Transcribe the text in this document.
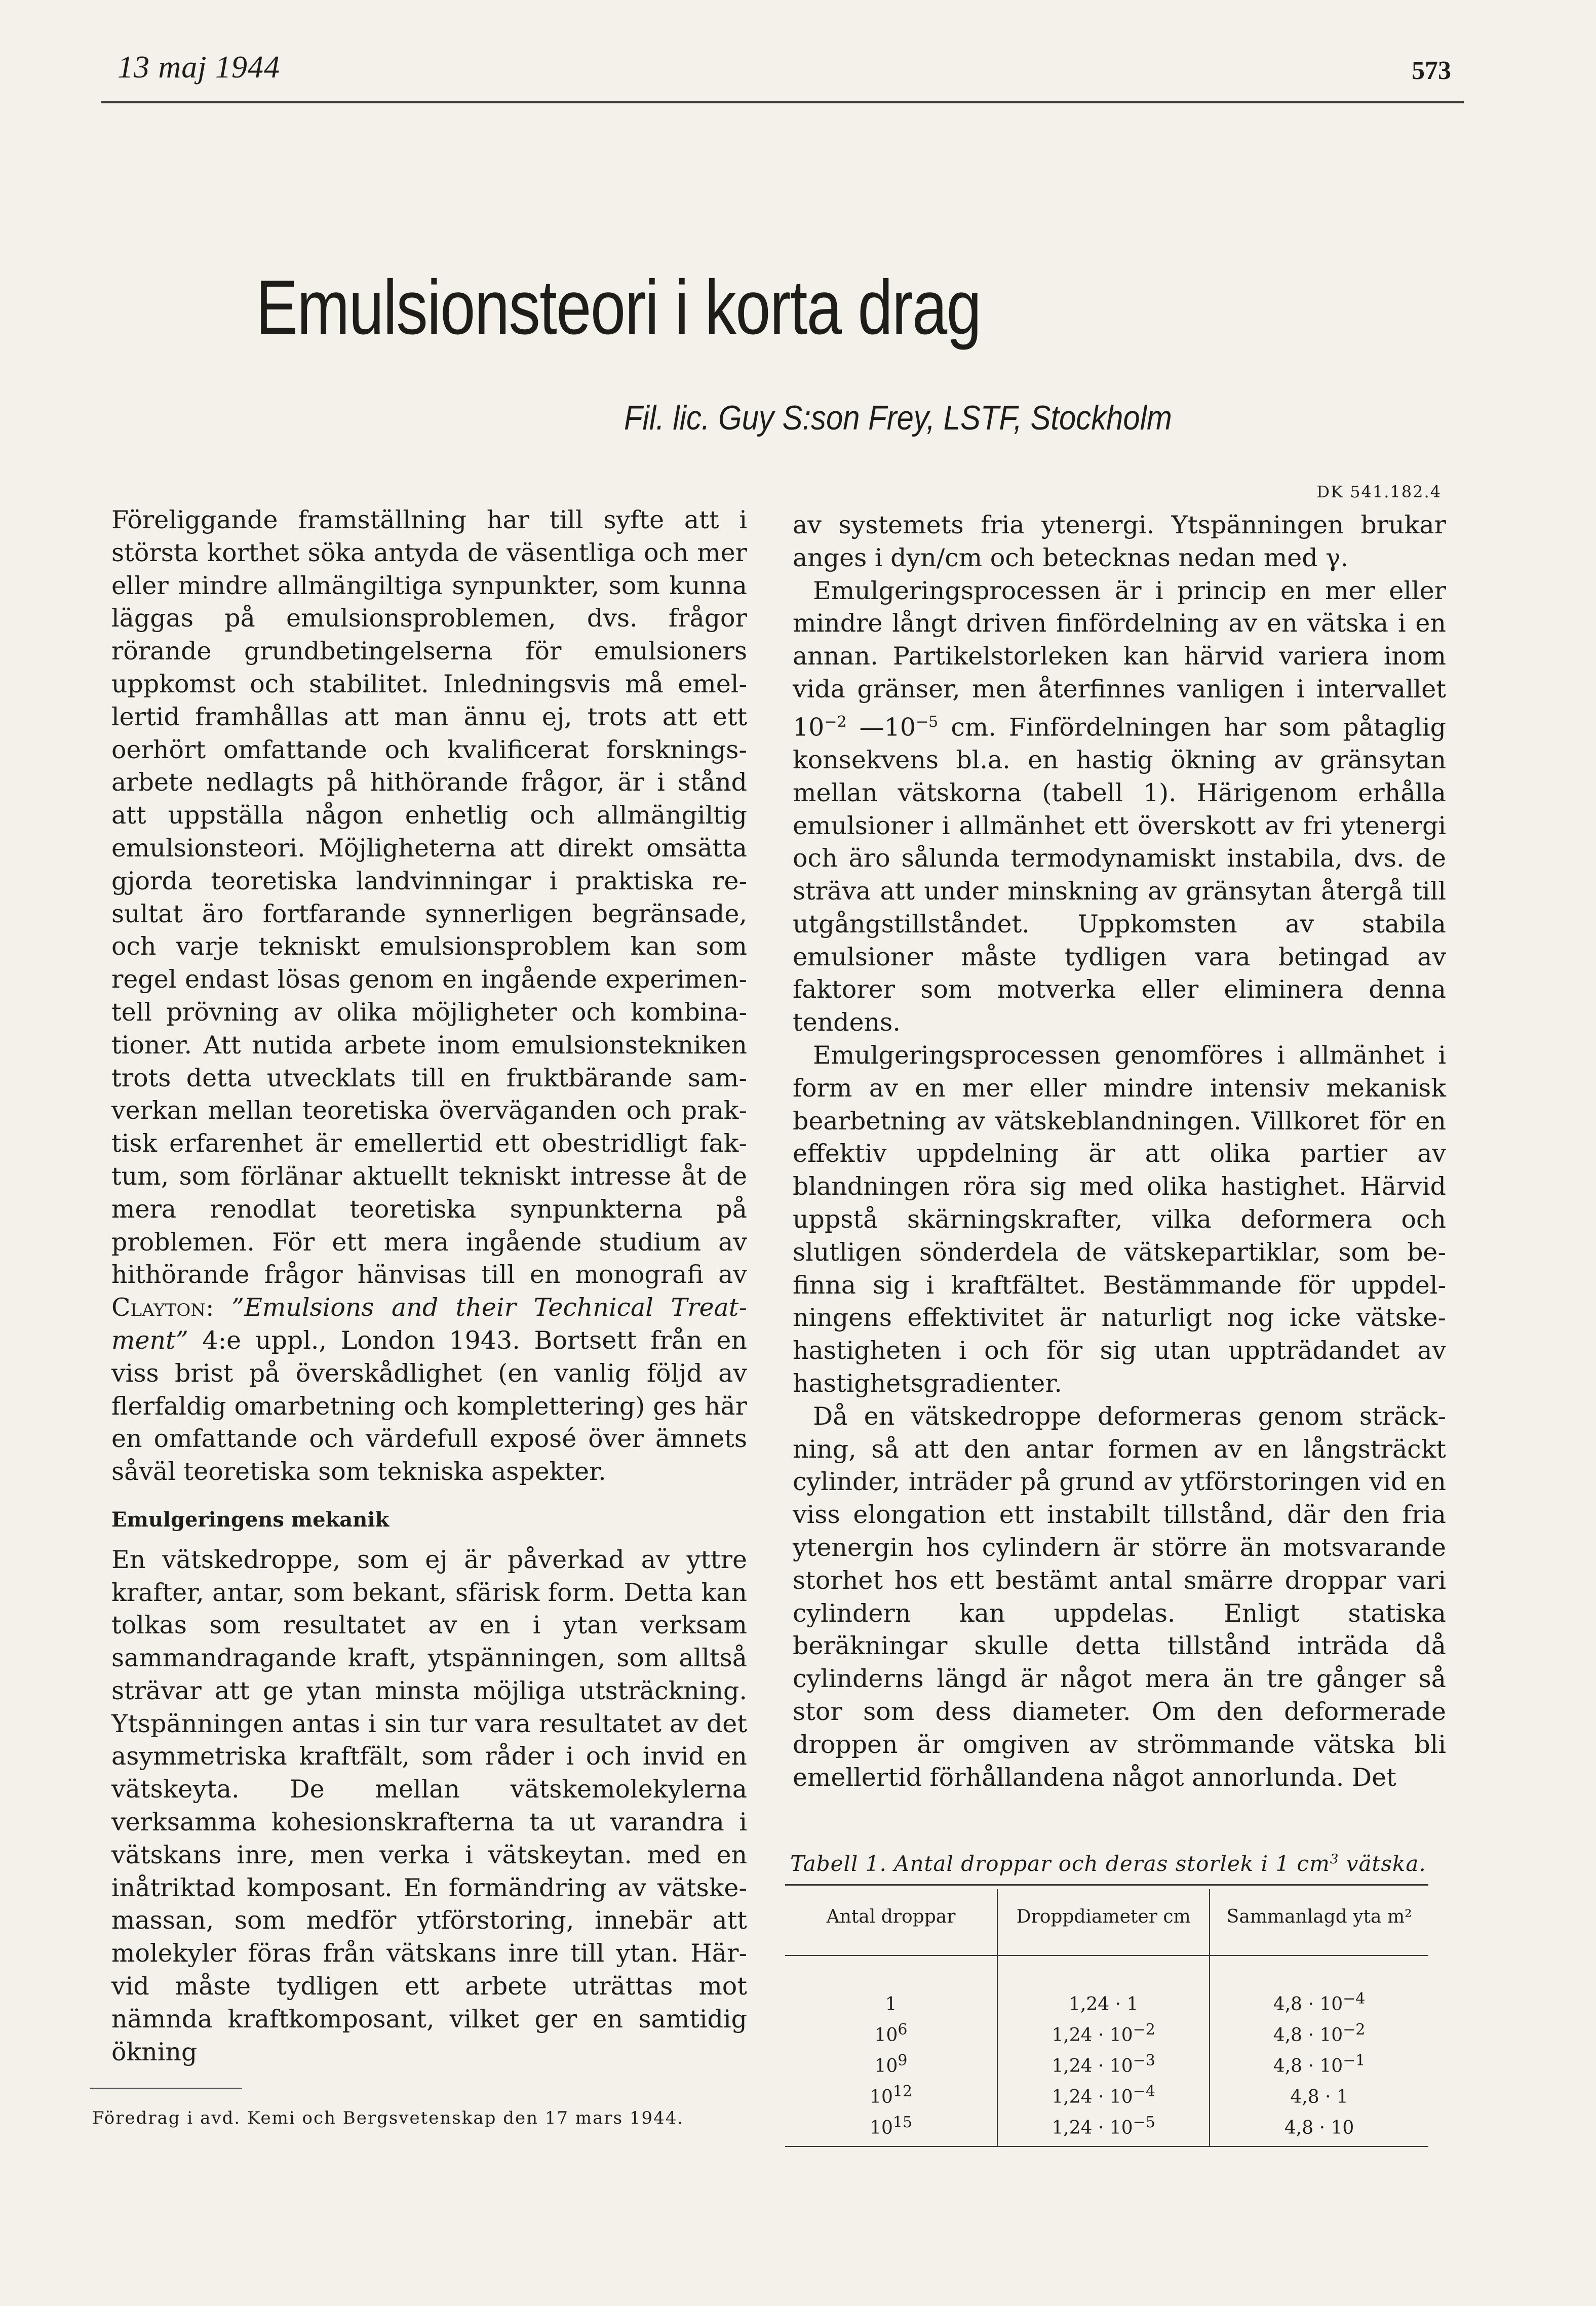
13 maj 1944	573
Emulsionsteori i korta drag
Fil. lic. Guy S:son Frey, LSTF, Stockholm
DK 541.182.4

Föreliggande framställning har till syfte att i största korthet söka antyda de väsentliga och mer eller mindre allmängiltiga synpunkter, som kunna läggas på emulsionsproblemen, dvs. frågor rörande grundbetingelserna för emulsioners uppkomst och stabilitet. Inledningsvis må emellertid framhållas att man ännu ej, trots att ett oerhört omfattande och kvalificerat forskningsarbete nedlagts på hithörande frågor, är i stånd att uppställa någon enhetlig och allmängiltig emulsionsteori. Möjligheterna att direkt omsätta gjorda teoretiska landvinningar i praktiska resultat äro fortfarande synnerligen begränsade, och varje tekniskt emulsionsproblem kan som regel endast lösas genom en ingående experimentell prövning av olika möjligheter och kombinationer. Att nutida arbete inom emulsionstekniken trots detta utvecklats till en fruktbärande samverkan mellan teoretiska överväganden och praktisk erfarenhet är emellertid ett obestridligt faktum, som förlänar aktuellt tekniskt intresse åt de mera renodlat teoretiska synpunkterna på problemen. För ett mera ingående studium av hithörande frågor hänvisas till en monografi av Clayton: ”Emulsions and their Technical Treatment” 4:e uppl., London 1943. Bortsett från en viss brist på överskådlighet (en vanlig följd av flerfaldig omarbetning och komplettering) ges här en omfattande och värdefull exposé över ämnets såväl teoretiska som tekniska aspekter.

Emulgeringens mekanik

En vätskedroppe, som ej är påverkad av yttre krafter, antar, som bekant, sfärisk form. Detta kan tolkas som resultatet av en i ytan verksam sammandragande kraft, ytspänningen, som alltså strävar att ge ytan minsta möjliga utsträckning. Ytspänningen antas i sin tur vara resultatet av det asymmetriska kraftfält, som råder i och invid en vätskeyta. De mellan vätskemolekylerna verksamma kohesionskrafterna ta ut varandra i vätskans inre, men verka i vätskeytan. med en inåtriktad komposant. En formändring av vätskemassan, som medför ytförstoring, innebär att molekyler föras från vätskans inre till ytan. Härvid måste tydligen ett arbete uträttas mot nämnda kraftkomposant, vilket ger en samtidig ökning

av systemets fria ytenergi. Ytspänningen brukar anges i dyn/cm och betecknas nedan med γ.

Emulgeringsprocessen är i princip en mer eller mindre långt driven finfördelning av en vätska i en annan. Partikelstorleken kan härvid variera inom vida gränser, men återfinnes vanligen i intervallet $10^{-2}$ $—10^{-5}$ cm. Finfördelningen har som påtaglig konsekvens bl.a. en hastig ökning av gränsytan mellan vätskorna (tabell 1). Härigenom erhålla emulsioner i allmänhet ett överskott av fri ytenergi och äro sålunda termodynamiskt instabila, dvs. de sträva att under minskning av gränsytan återgå till utgångstillståndet. Uppkomsten av stabila emulsioner måste tydligen vara betingad av faktorer som motverka eller eliminera denna tendens.

Emulgeringsprocessen genomföres i allmänhet i form av en mer eller mindre intensiv mekanisk bearbetning av vätskeblandningen. Villkoret för en effektiv uppdelning är att olika partier av blandningen röra sig med olika hastighet. Härvid uppstå skärningskrafter, vilka deformera och slutligen sönderdela de vätskepartiklar, som befinna sig i kraftfältet. Bestämmande för uppdelningens effektivitet är naturligt nog icke vätskehastigheten i och för sig utan uppträdandet av hastighetsgradienter.

Då en vätskedroppe deformeras genom sträckning, så att den antar formen av en långsträckt cylinder, inträder på grund av ytförstoringen vid en viss elongation ett instabilt tillstånd, där den fria ytenergin hos cylindern är större än motsvarande storhet hos ett bestämt antal smärre droppar vari cylindern kan uppdelas. Enligt statiska beräkningar skulle detta tillstånd inträda då cylinderns längd är något mera än tre gånger så stor som dess diameter. Om den deformerade droppen är omgiven av strömmande vätska bli emellertid förhållandena något annorlunda. Det

Tabell 1. Antal droppar och deras storlek i 1 $cm^3$ vätska.
Antal droppar	Droppdiameter cm	Sammanlagd yta m²
1	1,24 · 1	$4,8 \cdot 10^{-4}$
$10^6$	$1,24 \cdot 10^{-2}$	$4,8 \cdot 10^{-2}$
$10^9$	$1,24 \cdot 10^{-3}$	$4,8 \cdot 10^{-1}$
$10^{12}$	$1,24 \cdot 10^{-4}$	4,8 · 1
$10^{15}$	$1,24 \cdot 10^{-5}$	4,8 · 10
Föredrag i avd. Kemi och Bergsvetenskap den 17 mars 1944.
